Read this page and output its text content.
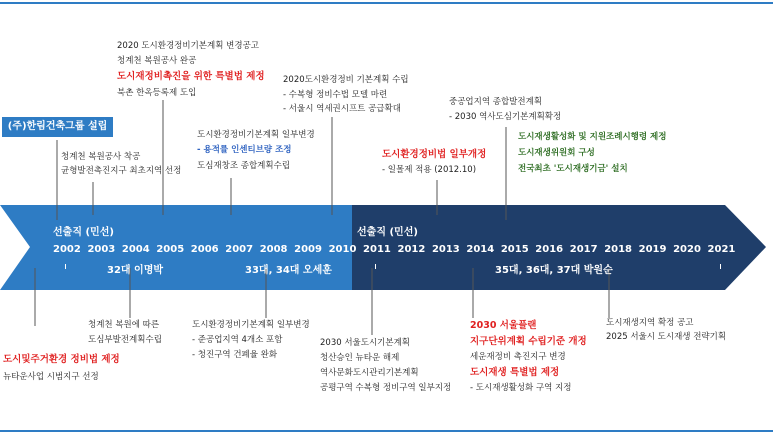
선출직 (민선)	선출직 (민선)
32대 이명박	33대, 34대 오세훈	35대, 36대, 37대 박원순
2002 2003 2004 2005 2006 2007 2008 2009 2010 2011 2012 2013 2014 2015 2016 2017 2018 2019 2020 2021
(주)한림건축그룹 설립
청계천 복원공사 착공
균형발전촉진지구 최초지역 선정
2020 도시환경정비기본계획 변경공고
청계천 복원공사 완공
도시재정비촉진을 위한 특별법 제정
북촌 한옥등록제 도입
도시환경정비기본계획 일부변경
- 용적률 인센티브량 조정
도심재창조 종합계획수립
2020도시환경정비 기본계획 수립
- 수복형 정비수법 모델 마련
- 서울시 역세권시프트 공급확대
도시환경정비법 일부개정
- 일몰제 적용 (2012.10)
중공업지역 종합발전계획
- 2030 역사도심기본계획확정
도시재생활성화 및 지원조례시행령 제정
도시재생위원회 구성
전국최초 '도시재생기금' 설치
도시및주거환경 정비법 제정
뉴타운사업 시범지구 선정
청계천 복원에 따른
도심부발전계획수립
도시환경정비기본계획 일부변경
- 준공업지역 4개소 포함
- 청진구역 건폐율 완화
2030 서울도시기본계획
청산승인 뉴타운 해제
역사문화도시관리기본계획
공평구역 수복형 정비구역 일부지정
2030 서울플랜
지구단위계획 수립기준 개정
세운재정비 촉진지구 변경
도시재생 특별법 제정
- 도시재생활성화 구역 지정
도시재생지역 확정 공고
2025 서울시 도시재생 전략기획
